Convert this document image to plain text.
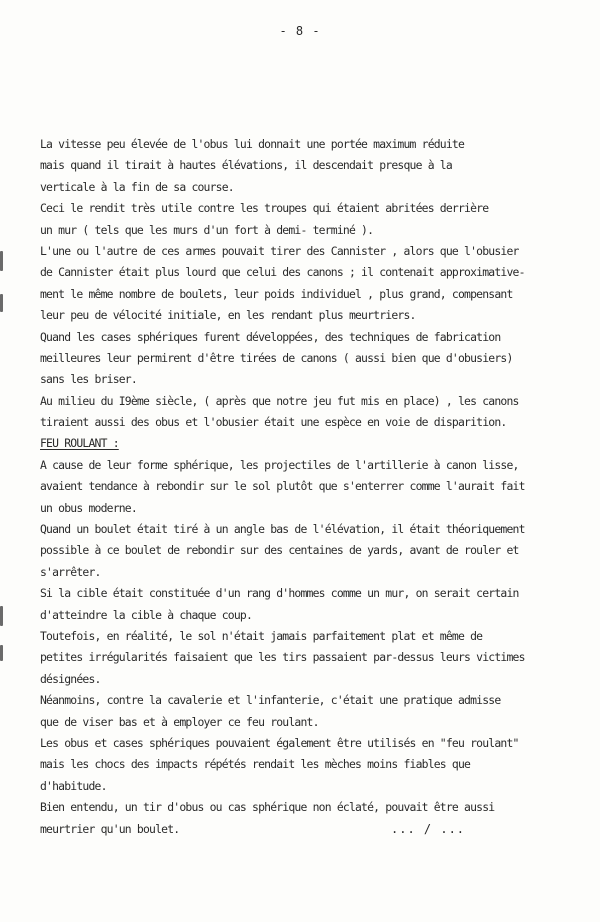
- 8 -
La vitesse peu élevée de l'obus lui donnait une portée maximum réduite
mais quand il tirait à hautes élévations, il descendait presque à la
verticale à la fin de sa course.
Ceci le rendit très utile contre les troupes qui étaient abritées derrière
un mur ( tels que les murs d'un fort à demi- terminé ).
L'une ou l'autre de ces armes pouvait tirer des Cannister , alors que l'obusier
de Cannister était plus lourd que celui des canons ; il contenait approximative-
ment le même nombre de boulets, leur poids individuel , plus grand, compensant
leur peu de vélocité initiale, en les rendant plus meurtriers.
Quand les cases sphériques furent développées, des techniques de fabrication
meilleures leur permirent d'être tirées de canons ( aussi bien que d'obusiers)
sans les briser.
Au milieu du I9ème siècle, ( après que notre jeu fut mis en place) , les canons
tiraient aussi des obus et l'obusier était une espèce en voie de disparition.
FEU ROULANT :
A cause de leur forme sphérique, les projectiles de l'artillerie à canon lisse,
avaient tendance à rebondir sur le sol plutôt que s'enterrer comme l'aurait fait
un obus moderne.
Quand un boulet était tiré à un angle bas de l'élévation, il était théoriquement
possible à ce boulet de rebondir sur des centaines de yards, avant de rouler et
s'arrêter.
Si la cible était constituée d'un rang d'hommes comme un mur, on serait certain
d'atteindre la cible à chaque coup.
Toutefois, en réalité, le sol n'était jamais parfaitement plat et même de
petites irrégularités faisaient que les tirs passaient par-dessus leurs victimes
désignées.
Néanmoins, contre la cavalerie et l'infanterie, c'était une pratique admisse
que de viser bas et à employer ce feu roulant.
Les obus et cases sphériques pouvaient également être utilisés en "feu roulant"
mais les chocs des impacts répétés rendait les mèches moins fiables que
d'habitude.
Bien entendu, un tir d'obus ou cas sphérique non éclaté, pouvait être aussi
meurtrier qu'un boulet.	... / ...
